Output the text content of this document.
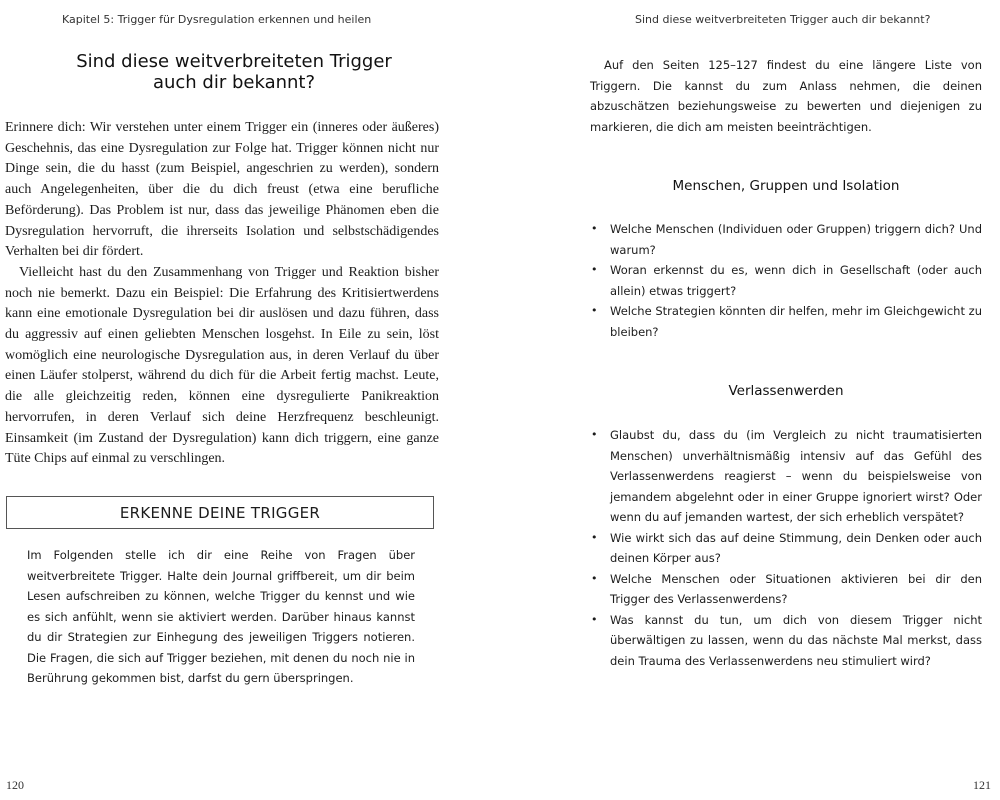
Kapitel 5: Trigger für Dysregulation erkennen und heilen
Sind diese weitverbreiteten Trigger
auch dir bekannt?

Erinnere dich: Wir verstehen unter einem Trigger ein (inneres oder äußeres) Geschehnis, das eine Dysregulation zur Folge hat. Trigger können nicht nur Dinge sein, die du hasst (zum Beispiel, angeschrien zu werden), sondern auch Angelegenheiten, über die du dich freust (etwa eine berufliche Beförderung). Das Problem ist nur, dass das jeweilige Phänomen eben die Dysregulation hervorruft, die ihrerseits Isolation und selbstschädigendes Verhalten bei dir fördert.

Vielleicht hast du den Zusammenhang von Trigger und Reaktion bisher noch nie bemerkt. Dazu ein Beispiel: Die Erfahrung des Kritisiertwerdens kann eine emotionale Dysregulation bei dir auslösen und dazu führen, dass du aggressiv auf einen geliebten Menschen losgehst. In Eile zu sein, löst womöglich eine neurologische Dysregulation aus, in deren Verlauf du über einen Läufer stolperst, während du dich für die Arbeit fertig machst. Leute, die alle gleichzeitig reden, können eine dysregulierte Panikreaktion hervorrufen, in deren Verlauf sich deine Herzfrequenz beschleunigt. Einsamkeit (im Zustand der Dysregulation) kann dich triggern, eine ganze Tüte Chips auf einmal zu verschlingen.

ERKENNE DEINE TRIGGER

Im Folgenden stelle ich dir eine Reihe von Fragen über weitverbreitete Trigger. Halte dein Journal griffbereit, um dir beim Lesen aufschreiben zu können, welche Trigger du kennst und wie es sich anfühlt, wenn sie aktiviert werden. Darüber hinaus kannst du dir Strategien zur Einhegung des jeweiligen Triggers notieren. Die Fragen, die sich auf Trigger beziehen, mit denen du noch nie in Berührung gekommen bist, darfst du gern überspringen.

120
Sind diese weitverbreiteten Trigger auch dir bekannt?

Auf den Seiten 125–127 findest du eine längere Liste von Triggern. Die kannst du zum Anlass nehmen, die deinen abzuschätzen beziehungsweise zu bewerten und diejenigen zu markieren, die dich am meisten beeinträchtigen.

Menschen, Gruppen und Isolation
• Welche Menschen (Individuen oder Gruppen) triggern dich? Und warum?
• Woran erkennst du es, wenn dich in Gesellschaft (oder auch allein) etwas triggert?
• Welche Strategien könnten dir helfen, mehr im Gleichgewicht zu bleiben?
Verlassenwerden
• Glaubst du, dass du (im Vergleich zu nicht traumatisierten Menschen) unverhältnismäßig intensiv auf das Gefühl des Verlassenwerdens reagierst – wenn du beispielsweise von jemandem abgelehnt oder in einer Gruppe ignoriert wirst? Oder wenn du auf jemanden wartest, der sich erheblich verspätet?
• Wie wirkt sich das auf deine Stimmung, dein Denken oder auch deinen Körper aus?
• Welche Menschen oder Situationen aktivieren bei dir den Trigger des Verlassenwerdens?
• Was kannst du tun, um dich von diesem Trigger nicht überwältigen zu lassen, wenn du das nächste Mal merkst, dass dein Trauma des Verlassenwerdens neu stimuliert wird?
121
